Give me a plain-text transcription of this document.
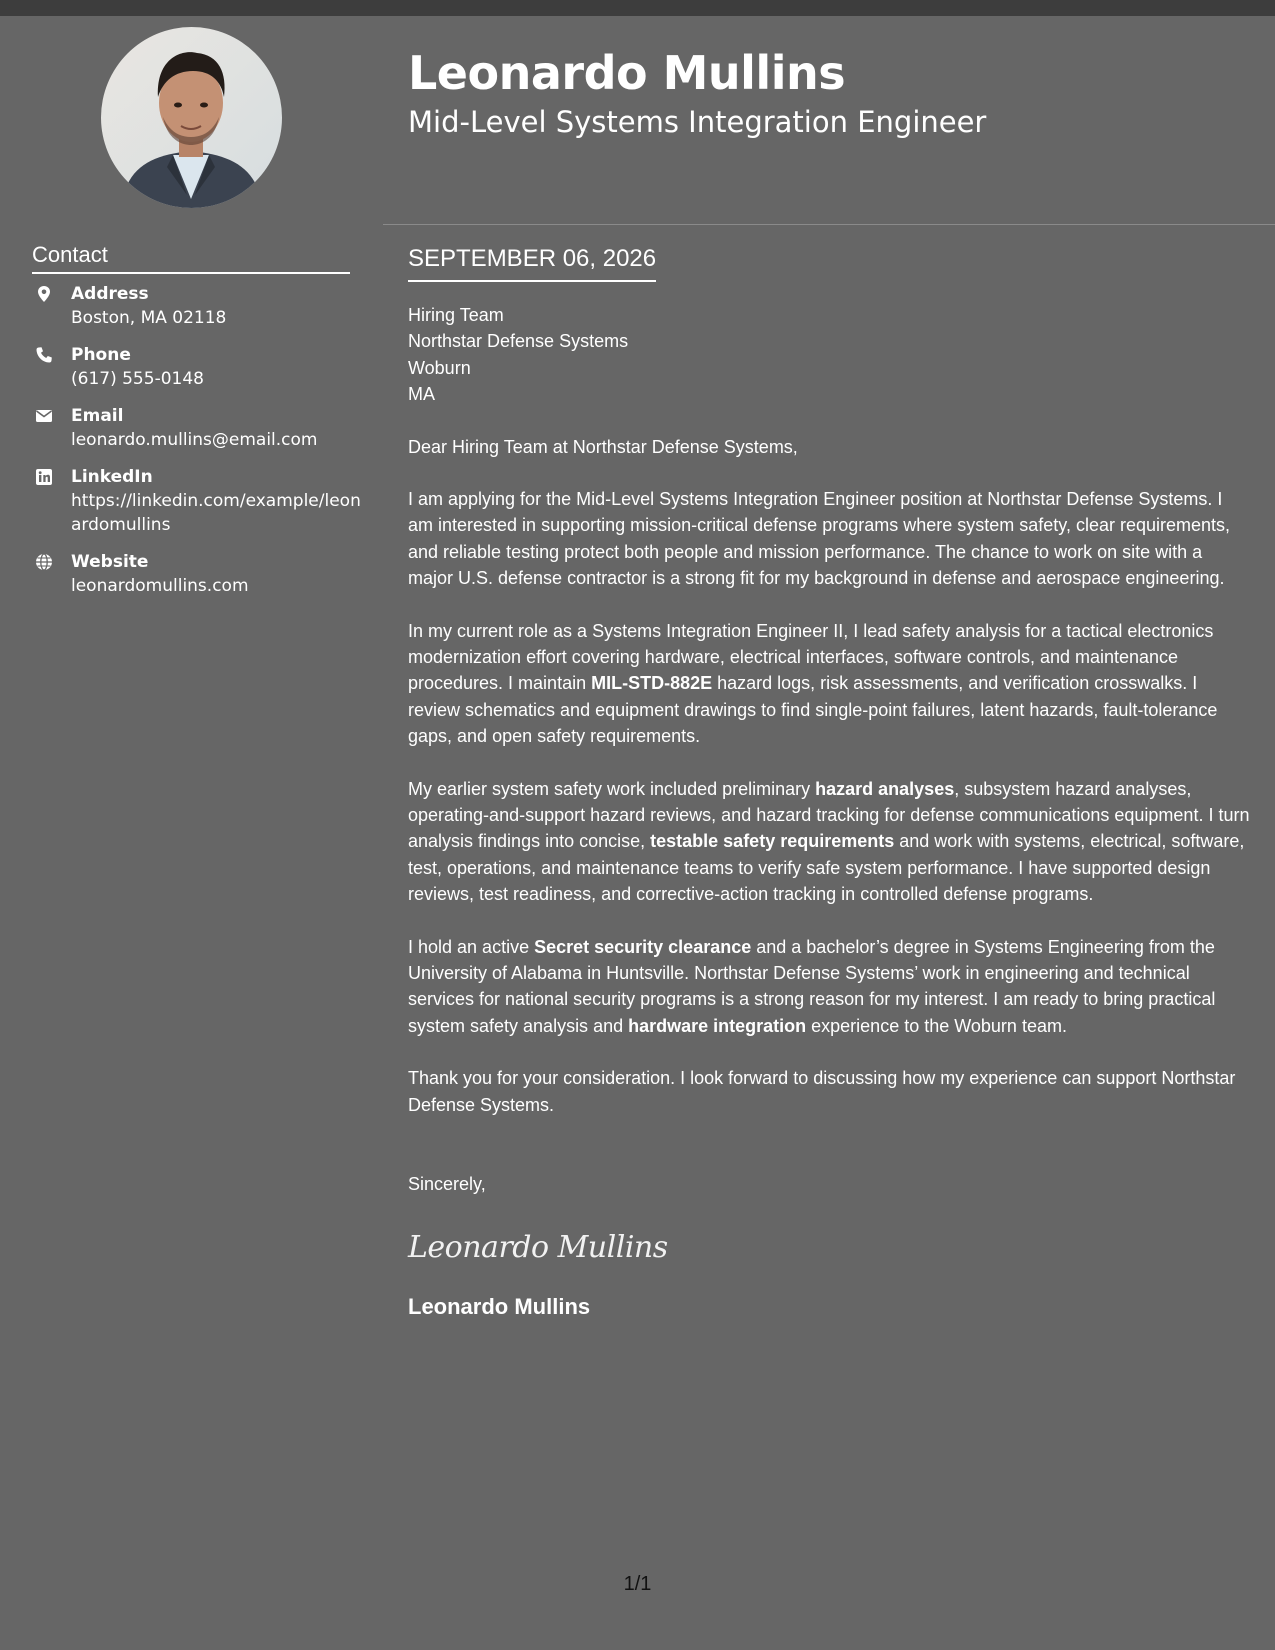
Leonardo Mullins
Mid-Level Systems Integration Engineer
Contact
Address
Boston, MA 02118
Phone
(617) 555-0148
Email
leonardo.mullins@email.com
LinkedIn
https://linkedin.com/example/leonardomullins
Website
leonardomullins.com
SEPTEMBER 06, 2026
Hiring Team
Northstar Defense Systems
Woburn
MA
Dear Hiring Team at Northstar Defense Systems,
I am applying for the Mid-Level Systems Integration Engineer position at Northstar Defense Systems. I am interested in supporting mission-critical defense programs where system safety, clear requirements, and reliable testing protect both people and mission performance. The chance to work on site with a major U.S. defense contractor is a strong fit for my background in defense and aerospace engineering.
In my current role as a Systems Integration Engineer II, I lead safety analysis for a tactical electronics modernization effort covering hardware, electrical interfaces, software controls, and maintenance procedures. I maintain MIL-STD-882E hazard logs, risk assessments, and verification crosswalks. I review schematics and equipment drawings to find single-point failures, latent hazards, fault-tolerance gaps, and open safety requirements.
My earlier system safety work included preliminary hazard analyses, subsystem hazard analyses, operating-and-support hazard reviews, and hazard tracking for defense communications equipment. I turn analysis findings into concise, testable safety requirements and work with systems, electrical, software, test, operations, and maintenance teams to verify safe system performance. I have supported design reviews, test readiness, and corrective-action tracking in controlled defense programs.
I hold an active Secret security clearance and a bachelor’s degree in Systems Engineering from the University of Alabama in Huntsville. Northstar Defense Systems’ work in engineering and technical services for national security programs is a strong reason for my interest. I am ready to bring practical system safety analysis and hardware integration experience to the Woburn team.
Thank you for your consideration. I look forward to discussing how my experience can support Northstar Defense Systems.
Sincerely,
Leonardo Mullins
Leonardo Mullins
1/1
